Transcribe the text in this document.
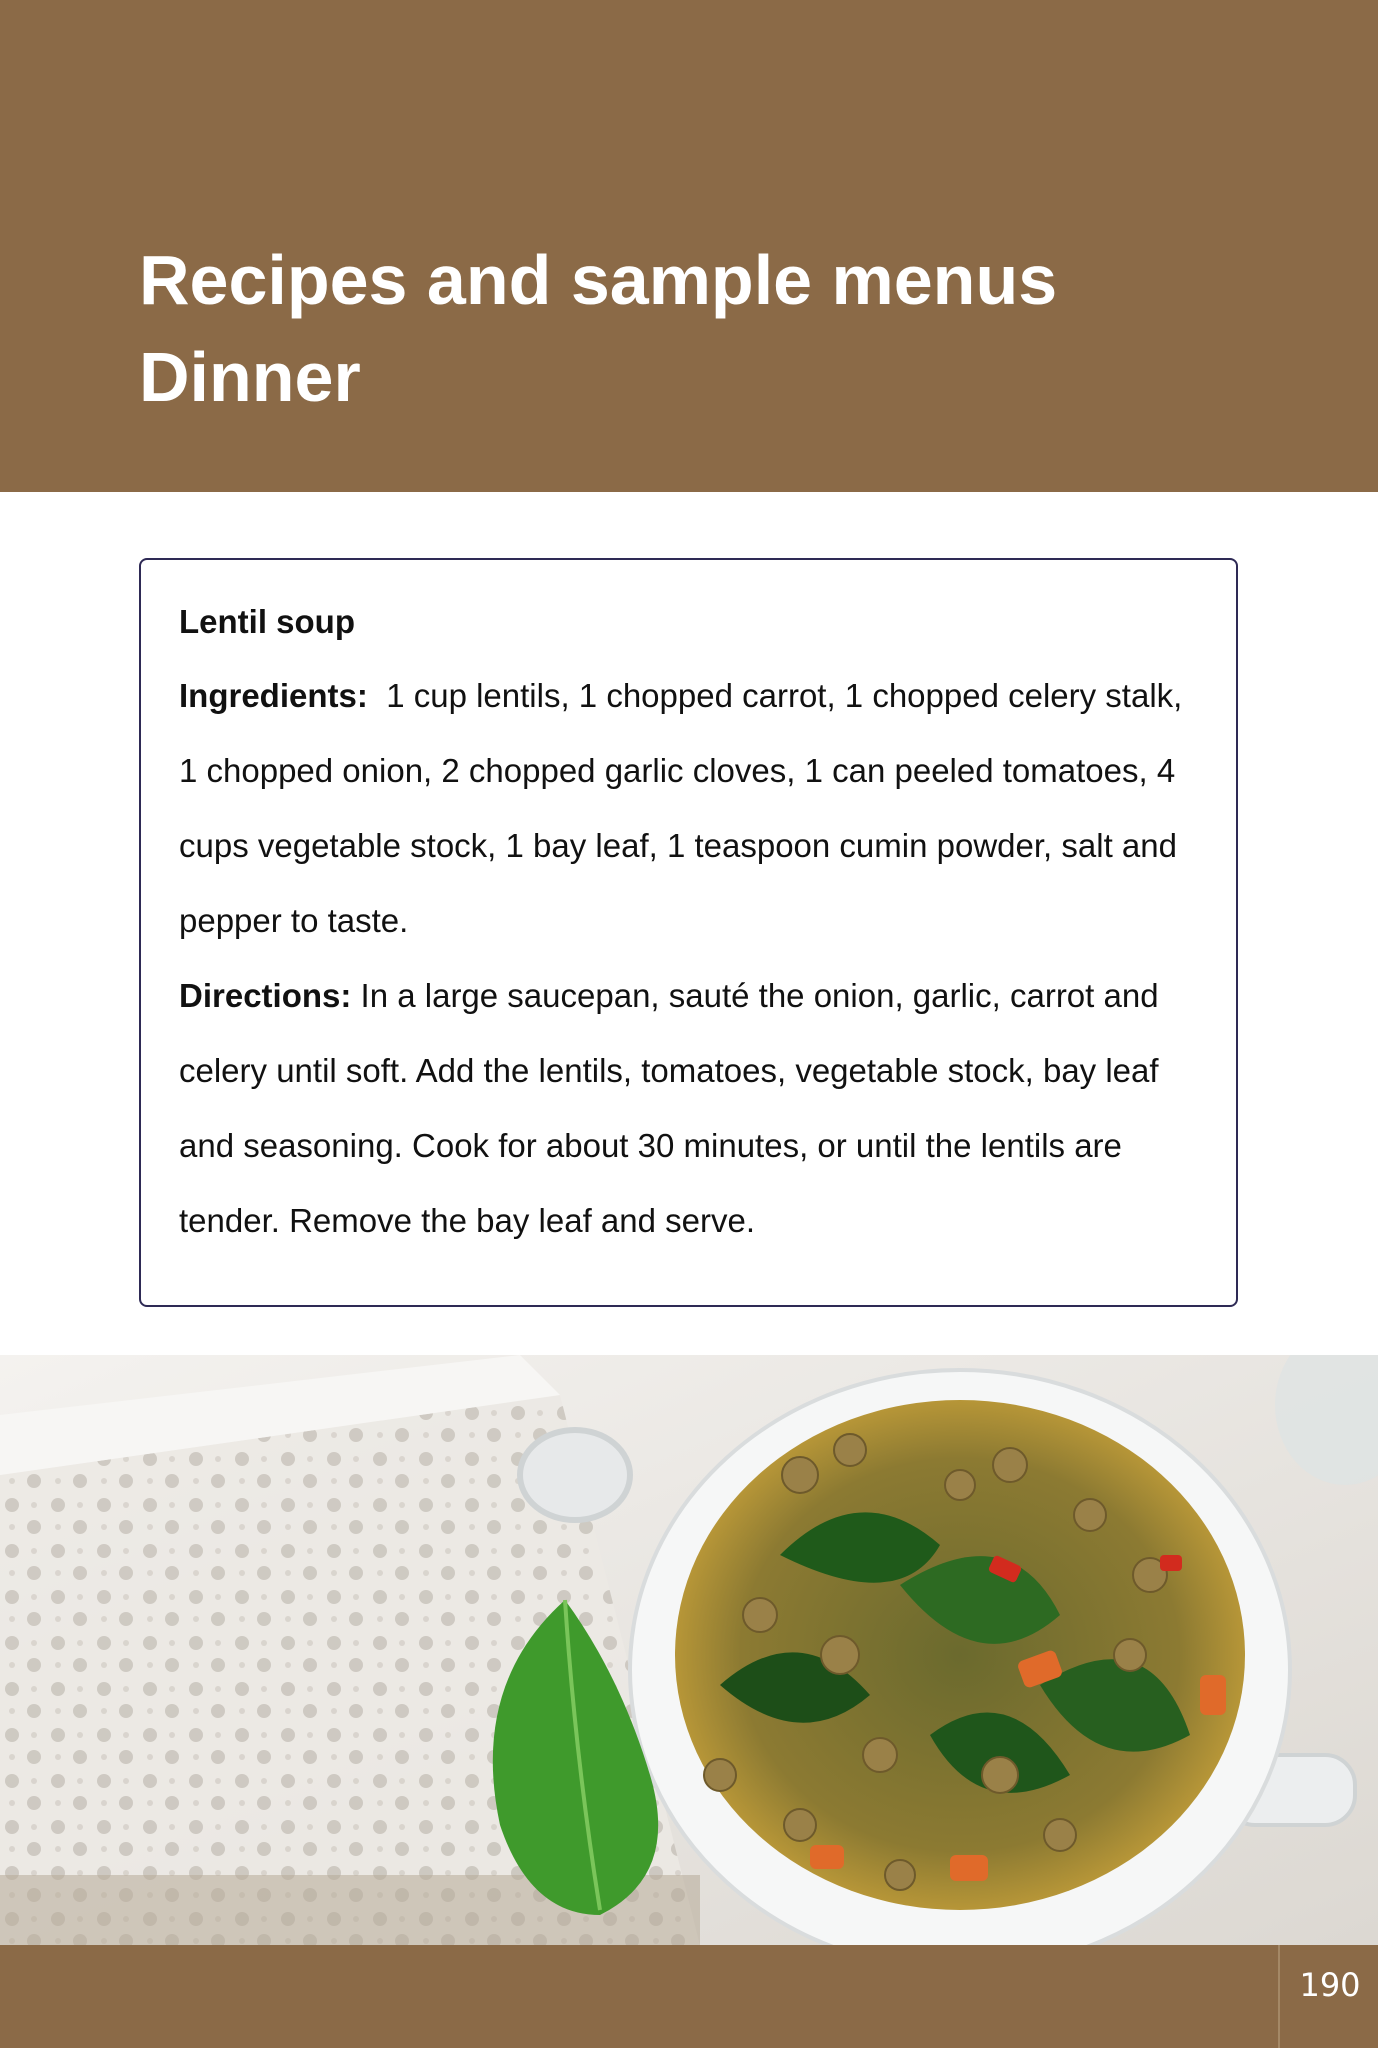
Recipes and sample menus
Dinner

Lentil soup

Ingredients: 1 cup lentils, 1 chopped carrot, 1 chopped celery stalk, 1 chopped onion, 2 chopped garlic cloves, 1 can peeled tomatoes, 4 cups vegetable stock, 1 bay leaf, 1 teaspoon cumin powder, salt and pepper to taste.

Directions: In a large saucepan, sauté the onion, garlic, carrot and celery until soft. Add the lentils, tomatoes, vegetable stock, bay leaf and seasoning. Cook for about 30 minutes, or until the lentils are tender. Remove the bay leaf and serve.

190
